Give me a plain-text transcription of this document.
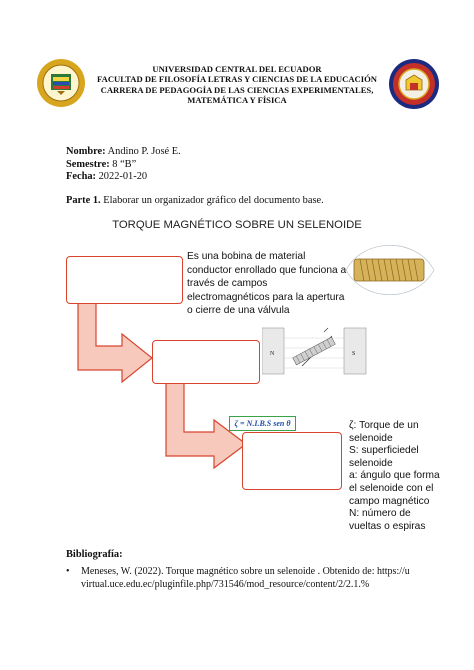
UNIVERSIDAD CENTRAL DEL ECUADOR
FACULTAD DE FILOSOFÍA LETRAS Y CIENCIAS DE LA EDUCACIÓN
CARRERA DE PEDAGOGÍA DE LAS CIENCIAS EXPERIMENTALES,
MATEMÁTICA Y FÍSICA
Nombre: Andino P. José E.
Semestre: 8 “B”
Fecha: 2022-01-20
Parte 1. Elaborar un organizador gráfico del documento base.
TORQUE MAGNÉTICO SOBRE UN SELENOIDE
Es una bobina de material conductor enrollado que funciona a través de campos electromagnéticos para la apertura o cierre de una válvula
N	S
ζ = N.I.B.S sen θ	ζ: Torque de un selenoide
S: superficiedel selenoide
a: ángulo que forma el selenoide con el campo magnético
N: número de vueltas o espiras
Bibliografía:
• Meneses, W. (2022). Torque magnético sobre un selenoide . Obtenido de: https://uvirtual.uce.edu.ec/pluginfile.php/731546/mod_resource/content/2/2.1.%
